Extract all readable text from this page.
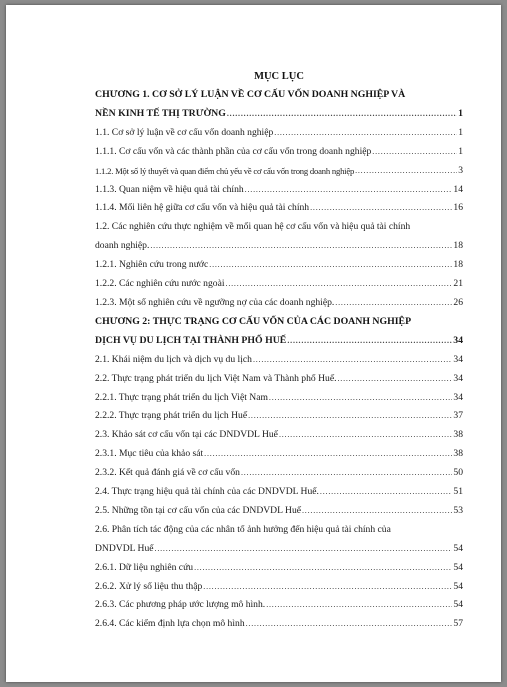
MỤC LỤC
CHƯƠNG 1. CƠ SỞ LÝ LUẬN VỀ CƠ CẤU VỐN DOANH NGHIỆP VÀ
NỀN KINH TẾ THỊ TRƯỜNG .....	1
1.1. Cơ sở lý luận về cơ cấu vốn doanh nghiệp .....	1
1.1.1. Cơ cấu vốn và các thành phần của cơ cấu vốn trong doanh nghiệp .....	1
1.1.2. Một số lý thuyết và quan điểm chủ yếu về cơ cấu vốn trong doanh nghiệp .....	3
1.1.3. Quan niệm về hiệu quả tài chính .....	14
1.1.4. Mối liên hệ giữa cơ cấu vốn và hiệu quả tài chính .....	16
1.2. Các nghiên cứu thực nghiệm về mối quan hệ cơ cấu vốn và hiệu quả tài chính
doanh nghiệp. .....	18
1.2.1. Nghiên cứu trong nước .....	18
1.2.2. Các nghiên cứu nước ngoài .....	21
1.2.3. Một số nghiên cứu về ngưỡng nợ của các doanh nghiệp. .....	26
CHƯƠNG 2: THỰC TRẠNG CƠ CẤU VỐN CỦA CÁC DOANH NGHIỆP
DỊCH VỤ DU LỊCH TẠI THÀNH PHỐ HUẾ .....	34
2.1. Khái niệm du lịch và dịch vụ du lịch .....	34
2.2. Thực trạng phát triển du lịch Việt Nam và Thành phố Huế. .....	34
2.2.1. Thực trạng phát triển du lịch Việt Nam .....	34
2.2.2. Thực trạng phát triển du lịch Huế .....	37
2.3. Khảo sát cơ cấu vốn tại các DNDVDL Huế .....	38
2.3.1. Mục tiêu của khảo sát .....	38
2.3.2. Kết quả đánh giá về cơ cấu vốn .....	50
2.4. Thực trạng hiệu quả tài chính của các DNDVDL Huế. .....	51
2.5. Những tồn tại cơ cấu vốn của các DNDVDL Huế .....	53
2.6. Phân tích tác động của các nhân tố ảnh hưởng đến hiệu quả tài chính của
DNDVDL Huế .....	54
2.6.1. Dữ liệu nghiên cứu .....	54
2.6.2. Xử lý số liệu thu thập .....	54
2.6.3. Các phương pháp ước lượng mô hình. .....	54
2.6.4. Các kiểm định lựa chọn mô hình .....	57
